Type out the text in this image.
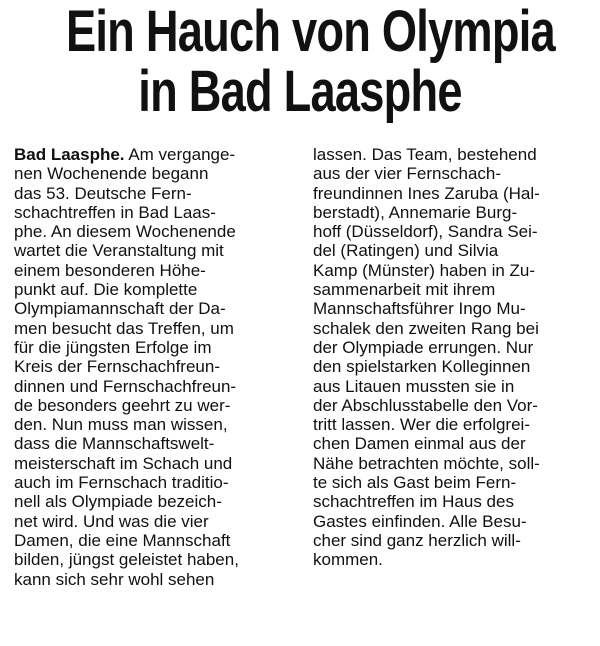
Ein Hauch von Olympia
in Bad Laasphe
Bad Laasphe. Am vergange-
nen Wochenende begann
das 53. Deutsche Fern-
schachtreffen in Bad Laas-
phe. An diesem Wochenende
wartet die Veranstaltung mit
einem besonderen Höhe-
punkt auf. Die komplette
Olympiamannschaft der Da-
men besucht das Treffen, um
für die jüngsten Erfolge im
Kreis der Fernschachfreun-
dinnen und Fernschachfreun-
de besonders geehrt zu wer-
den. Nun muss man wissen,
dass die Mannschaftswelt-
meisterschaft im Schach und
auch im Fernschach traditio-
nell als Olympiade bezeich-
net wird. Und was die vier
Damen, die eine Mannschaft
bilden, jüngst geleistet haben,
kann sich sehr wohl sehen
lassen. Das Team, bestehend
aus der vier Fernschach-
freundinnen Ines Zaruba (Hal-
berstadt), Annemarie Burg-
hoff (Düsseldorf), Sandra Sei-
del (Ratingen) und Silvia
Kamp (Münster) haben in Zu-
sammenarbeit mit ihrem
Mannschaftsführer Ingo Mu-
schalek den zweiten Rang bei
der Olympiade errungen. Nur
den spielstarken Kolleginnen
aus Litauen mussten sie in
der Abschlusstabelle den Vor-
tritt lassen. Wer die erfolgrei-
chen Damen einmal aus der
Nähe betrachten möchte, soll-
te sich als Gast beim Fern-
schachtreffen im Haus des
Gastes einfinden. Alle Besu-
cher sind ganz herzlich will-
kommen.
